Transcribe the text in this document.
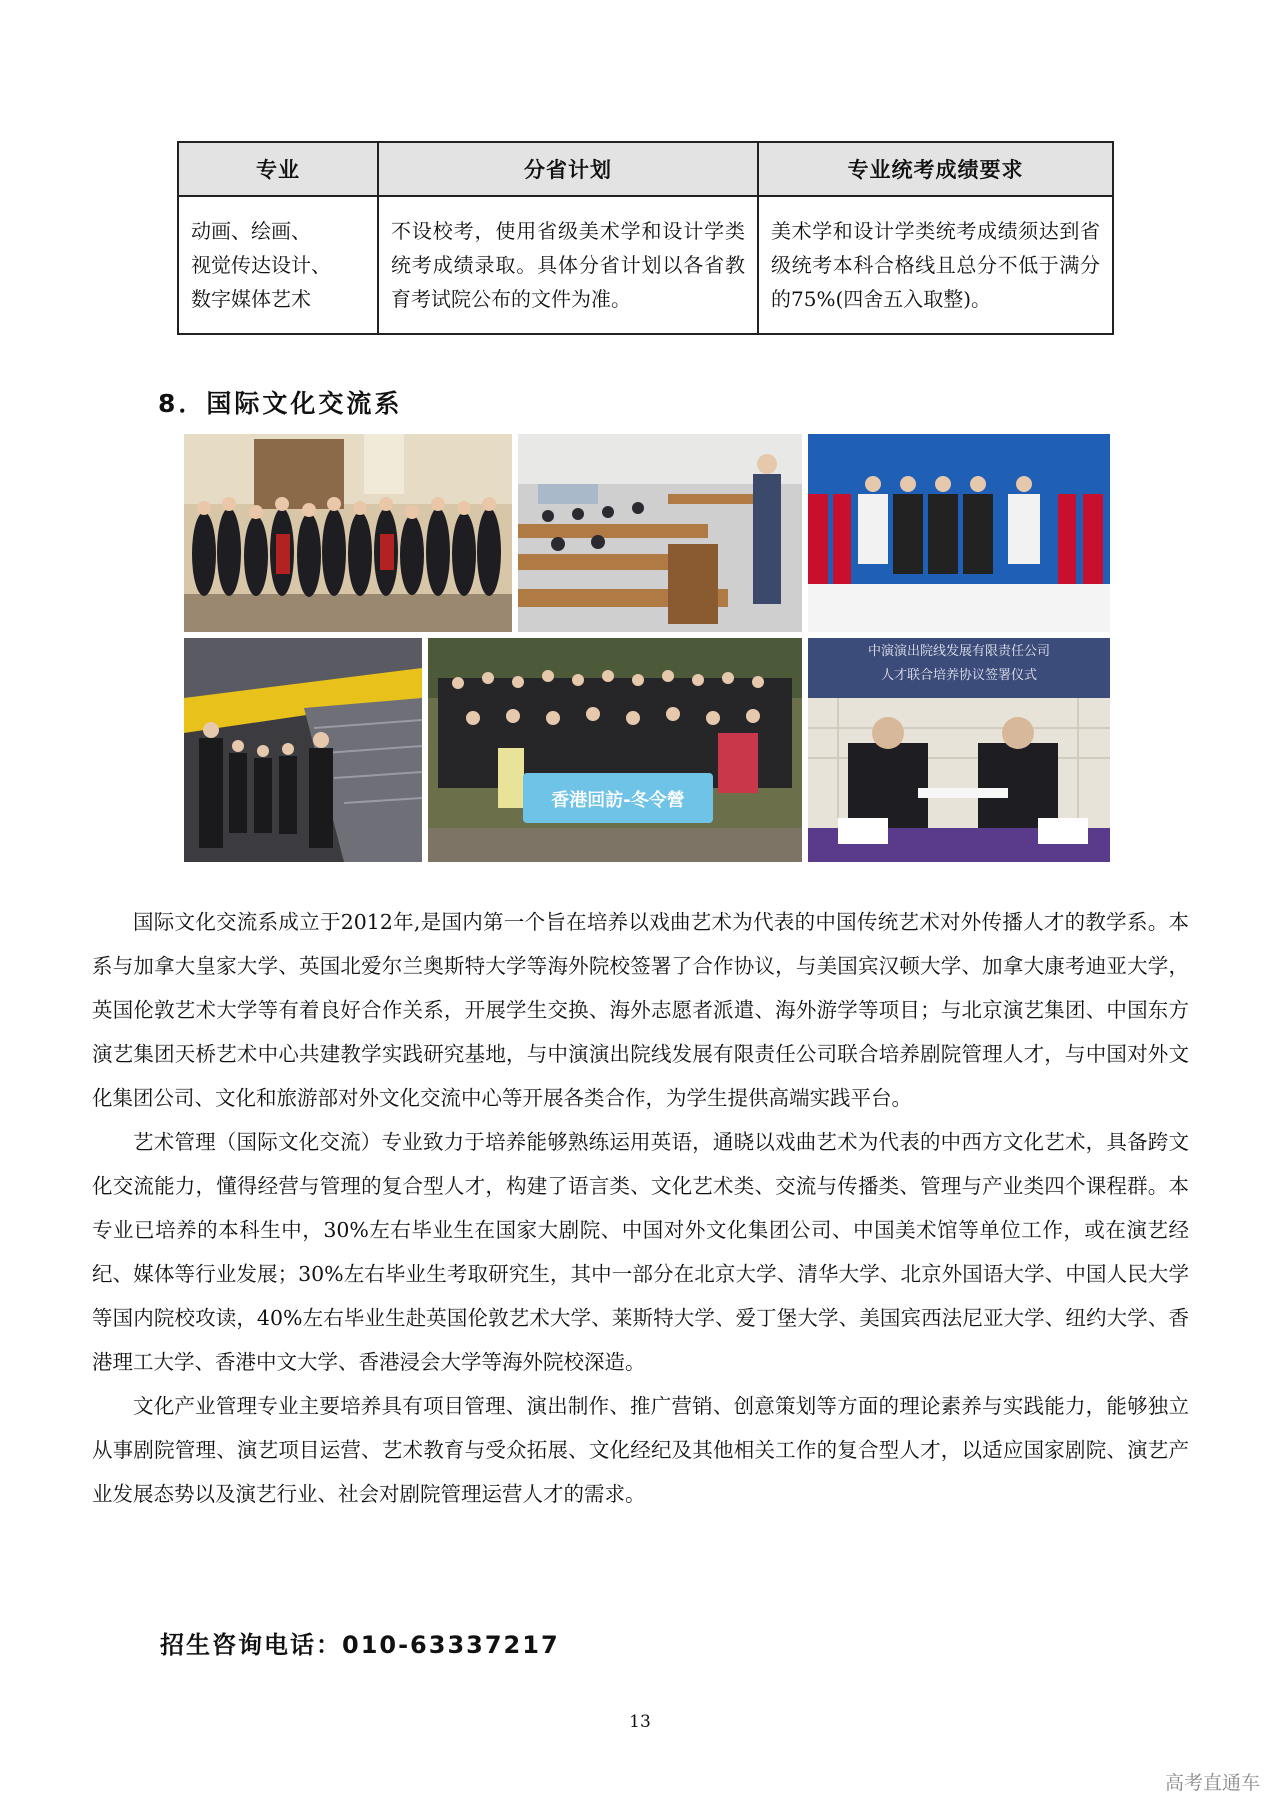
专业	分省计划	专业统考成绩要求

动画、绘画、
视觉传达设计、
数字媒体艺术	不设校考，使用省级美术学和设计学类统考成绩录取。具体分省计划以各省教育考试院公布的文件为准。	美术学和设计学类统考成绩须达到省级统考本科合格线且总分不低于满分的75%(四舍五入取整)。
8．国际文化交流系
香港回訪-冬令營
中演演出院线发展有限责任公司
人才联合培养协议签署仪式

国际文化交流系成立于2012年,是国内第一个旨在培养以戏曲艺术为代表的中国传统艺术对外传播人才的教学系。本系与加拿大皇家大学、英国北爱尔兰奥斯特大学等海外院校签署了合作协议，与美国宾汉顿大学、加拿大康考迪亚大学，英国伦敦艺术大学等有着良好合作关系，开展学生交换、海外志愿者派遣、海外游学等项目；与北京演艺集团、中国东方演艺集团天桥艺术中心共建教学实践研究基地，与中演演出院线发展有限责任公司联合培养剧院管理人才，与中国对外文化集团公司、文化和旅游部对外文化交流中心等开展各类合作，为学生提供高端实践平台。

艺术管理（国际文化交流）专业致力于培养能够熟练运用英语，通晓以戏曲艺术为代表的中西方文化艺术，具备跨文化交流能力，懂得经营与管理的复合型人才，构建了语言类、文化艺术类、交流与传播类、管理与产业类四个课程群。本专业已培养的本科生中，30%左右毕业生在国家大剧院、中国对外文化集团公司、中国美术馆等单位工作，或在演艺经纪、媒体等行业发展；30%左右毕业生考取研究生，其中一部分在北京大学、清华大学、北京外国语大学、中国人民大学等国内院校攻读，40%左右毕业生赴英国伦敦艺术大学、莱斯特大学、爱丁堡大学、美国宾西法尼亚大学、纽约大学、香港理工大学、香港中文大学、香港浸会大学等海外院校深造。

文化产业管理专业主要培养具有项目管理、演出制作、推广营销、创意策划等方面的理论素养与实践能力，能够独立从事剧院管理、演艺项目运营、艺术教育与受众拓展、文化经纪及其他相关工作的复合型人才，以适应国家剧院、演艺产业发展态势以及演艺行业、社会对剧院管理运营人才的需求。

招生咨询电话：010-63337217
13
高考直通车
